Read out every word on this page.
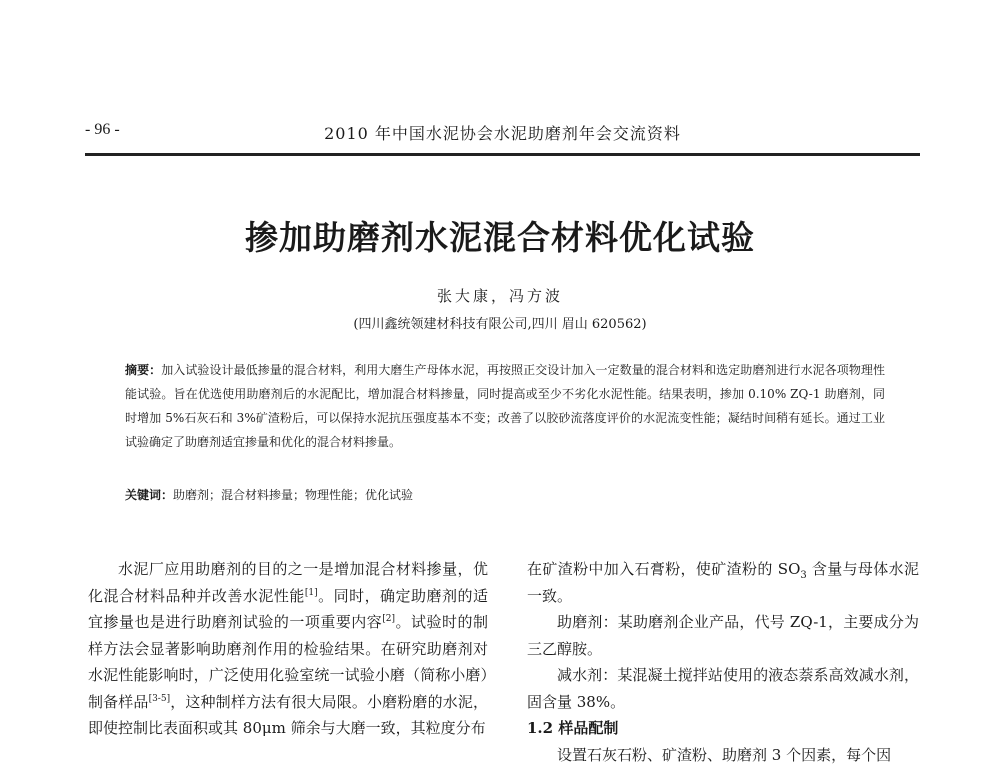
- 96 -	2010 年中国水泥协会水泥助磨剂年会交流资料
掺加助磨剂水泥混合材料优化试验
张大康，冯方波
(四川鑫统领建材科技有限公司,四川 眉山 620562)
摘要：加入试验设计最低掺量的混合材料，利用大磨生产母体水泥，再按照正交设计加入一定数量的混合材料和选定助磨剂进行水泥各项物理性能试验。旨在优选使用助磨剂后的水泥配比，增加混合材料掺量，同时提高或至少不劣化水泥性能。结果表明，掺加 0.10% ZQ-1 助磨剂，同时增加 5%石灰石和 3%矿渣粉后，可以保持水泥抗压强度基本不变；改善了以胶砂流落度评价的水泥流变性能；凝结时间稍有延长。通过工业试验确定了助磨剂适宜掺量和优化的混合材料掺量。
关键词：助磨剂；混合材料掺量；物理性能；优化试验

水泥厂应用助磨剂的目的之一是增加混合材料掺量，优化混合材料品种并改善水泥性能[1]。同时，确定助磨剂的适宜掺量也是进行助磨剂试验的一项重要内容[2]。试验时的制样方法会显著影响助磨剂作用的检验结果。在研究助磨剂对水泥性能影响时，广泛使用化验室统一试验小磨（简称小磨）制备样品[3-5]，这种制样方法有很大局限。小磨粉磨的水泥，即使控制比表面积或其 80μm 筛余与大磨一致，其粒度分布

在矿渣粉中加入石膏粉，使矿渣粉的 $SO_3$ 含量与母体水泥一致。

助磨剂：某助磨剂企业产品，代号 ZQ-1，主要成分为三乙醇胺。

减水剂：某混凝土搅拌站使用的液态萘系高效减水剂，固含量 38%。

1.2 样品配制

设置石灰石粉、矿渣粉、助磨剂 3 个因素，每个因
